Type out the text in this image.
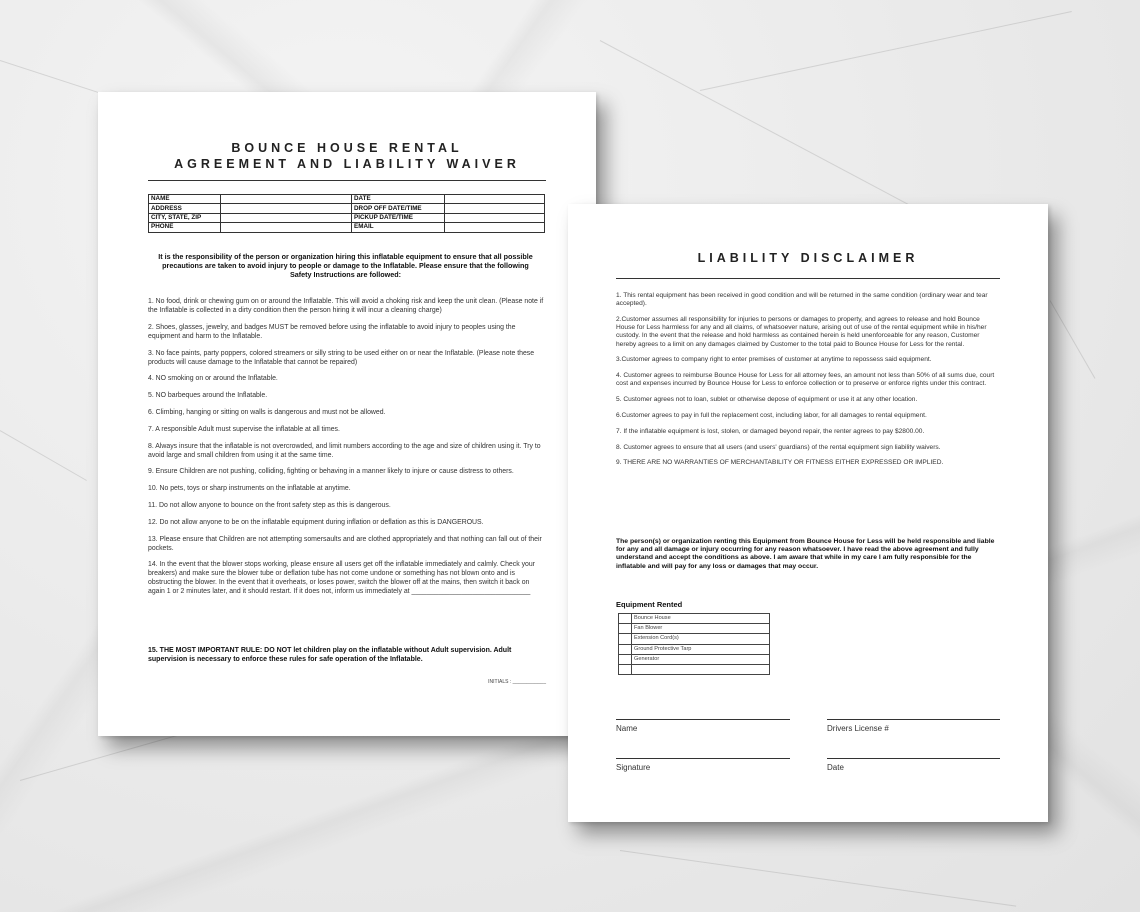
BOUNCE HOUSE RENTAL
AGREEMENT AND LIABILITY WAIVER
NAME		DATE	
ADDRESS		DROP OFF DATE/TIME	
CITY, STATE, ZIP		PICKUP DATE/TIME	
PHONE		EMAIL	
It is the responsibility of the person or organization hiring this inflatable equipment to ensure that all possible precautions are taken to avoid injury to people or damage to the Inflatable. Please ensure that the following Safety Instructions are followed:

1. No food, drink or chewing gum on or around the Inflatable. This will avoid a choking risk and keep the unit clean. (Please note if the Inflatable is collected in a dirty condition then the person hiring it will incur a cleaning charge)

2. Shoes, glasses, jewelry, and badges MUST be removed before using the inflatable to avoid injury to peoples using the equipment and harm to the Inflatable.

3. No face paints, party poppers, colored streamers or silly string to be used either on or near the Inflatable. (Please note these products will cause damage to the Inflatable that cannot be repaired)

4. NO smoking on or around the Inflatable.

5. NO barbeques around the Inflatable.

6. Climbing, hanging or sitting on walls is dangerous and must not be allowed.

7. A responsible Adult must supervise the inflatable at all times.

8. Always insure that the inflatable is not overcrowded, and limit numbers according to the age and size of children using it. Try to avoid large and small children from using it at the same time.

9. Ensure Children are not pushing, colliding, fighting or behaving in a manner likely to injure or cause distress to others.

10. No pets, toys or sharp instruments on the inflatable at anytime.

11. Do not allow anyone to bounce on the front safety step as this is dangerous.

12. Do not allow anyone to be on the inflatable equipment during inflation or deflation as this is DANGEROUS.

13. Please ensure that Children are not attempting somersaults and are clothed appropriately and that nothing can fall out of their pockets.

14. In the event that the blower stops working, please ensure all users get off the inflatable immediately and calmly. Check your breakers) and make sure the blower tube or deflation tube has not come undone or something has not blown onto and is obstructing the blower. In the event that it overheats, or loses power, switch the blower off at the mains, then switch it back on again 1 or 2 minutes later, and it should restart. If it does not, inform us immediately at _______________________________

15. THE MOST IMPORTANT RULE: DO NOT let children play on the inflatable without Adult supervision. Adult supervision is necessary to enforce these rules for safe operation of the Inflatable.
INITIALS : ____________
LIABILITY DISCLAIMER

1. This rental equipment has been received in good condition and will be returned in the same condition (ordinary wear and tear accepted).

2.Customer assumes all responsibility for injuries to persons or damages to property, and agrees to release and hold Bounce House for Less harmless for any and all claims, of whatsoever nature, arising out of use of the rental equipment while in his/her custody. In the event that the release and hold harmless as contained herein is held unenforceable for any reason, Customer hereby agrees to a limit on any damages claimed by Customer to the total paid to Bounce House for Less for the rental.

3.Customer agrees to company right to enter premises of customer at anytime to repossess said equipment.

4. Customer agrees to reimburse Bounce House for Less for all attorney fees, an amount not less than 50% of all sums due, court cost and expenses incurred by Bounce House for Less to enforce collection or to preserve or enforce rights under this contract.

5. Customer agrees not to loan, sublet or otherwise depose of equipment or use it at any other location.

6.Customer agrees to pay in full the replacement cost, including labor, for all damages to rental equipment.

7. If the inflatable equipment is lost, stolen, or damaged beyond repair, the renter agrees to pay $2800.00.

8. Customer agrees to ensure that all users (and users' guardians) of the rental equipment sign liability waivers.

9. THERE ARE NO WARRANTIES OF MERCHANTABILITY OR FITNESS EITHER EXPRESSED OR IMPLIED.

The person(s) or organization renting this Equipment from Bounce House for Less will be held responsible and liable for any and all damage or injury occurring for any reason whatsoever. I have read the above agreement and fully understand and accept the conditions as above. I am aware that while in my care I am fully responsible for the inflatable and will pay for any loss or damages that may occur.
Equipment Rented
	Bounce House
	Fan Blower
	Extension Cord(s)
	Ground Protective Tarp
	Generator

Name	Drivers License #
Signature	Date
